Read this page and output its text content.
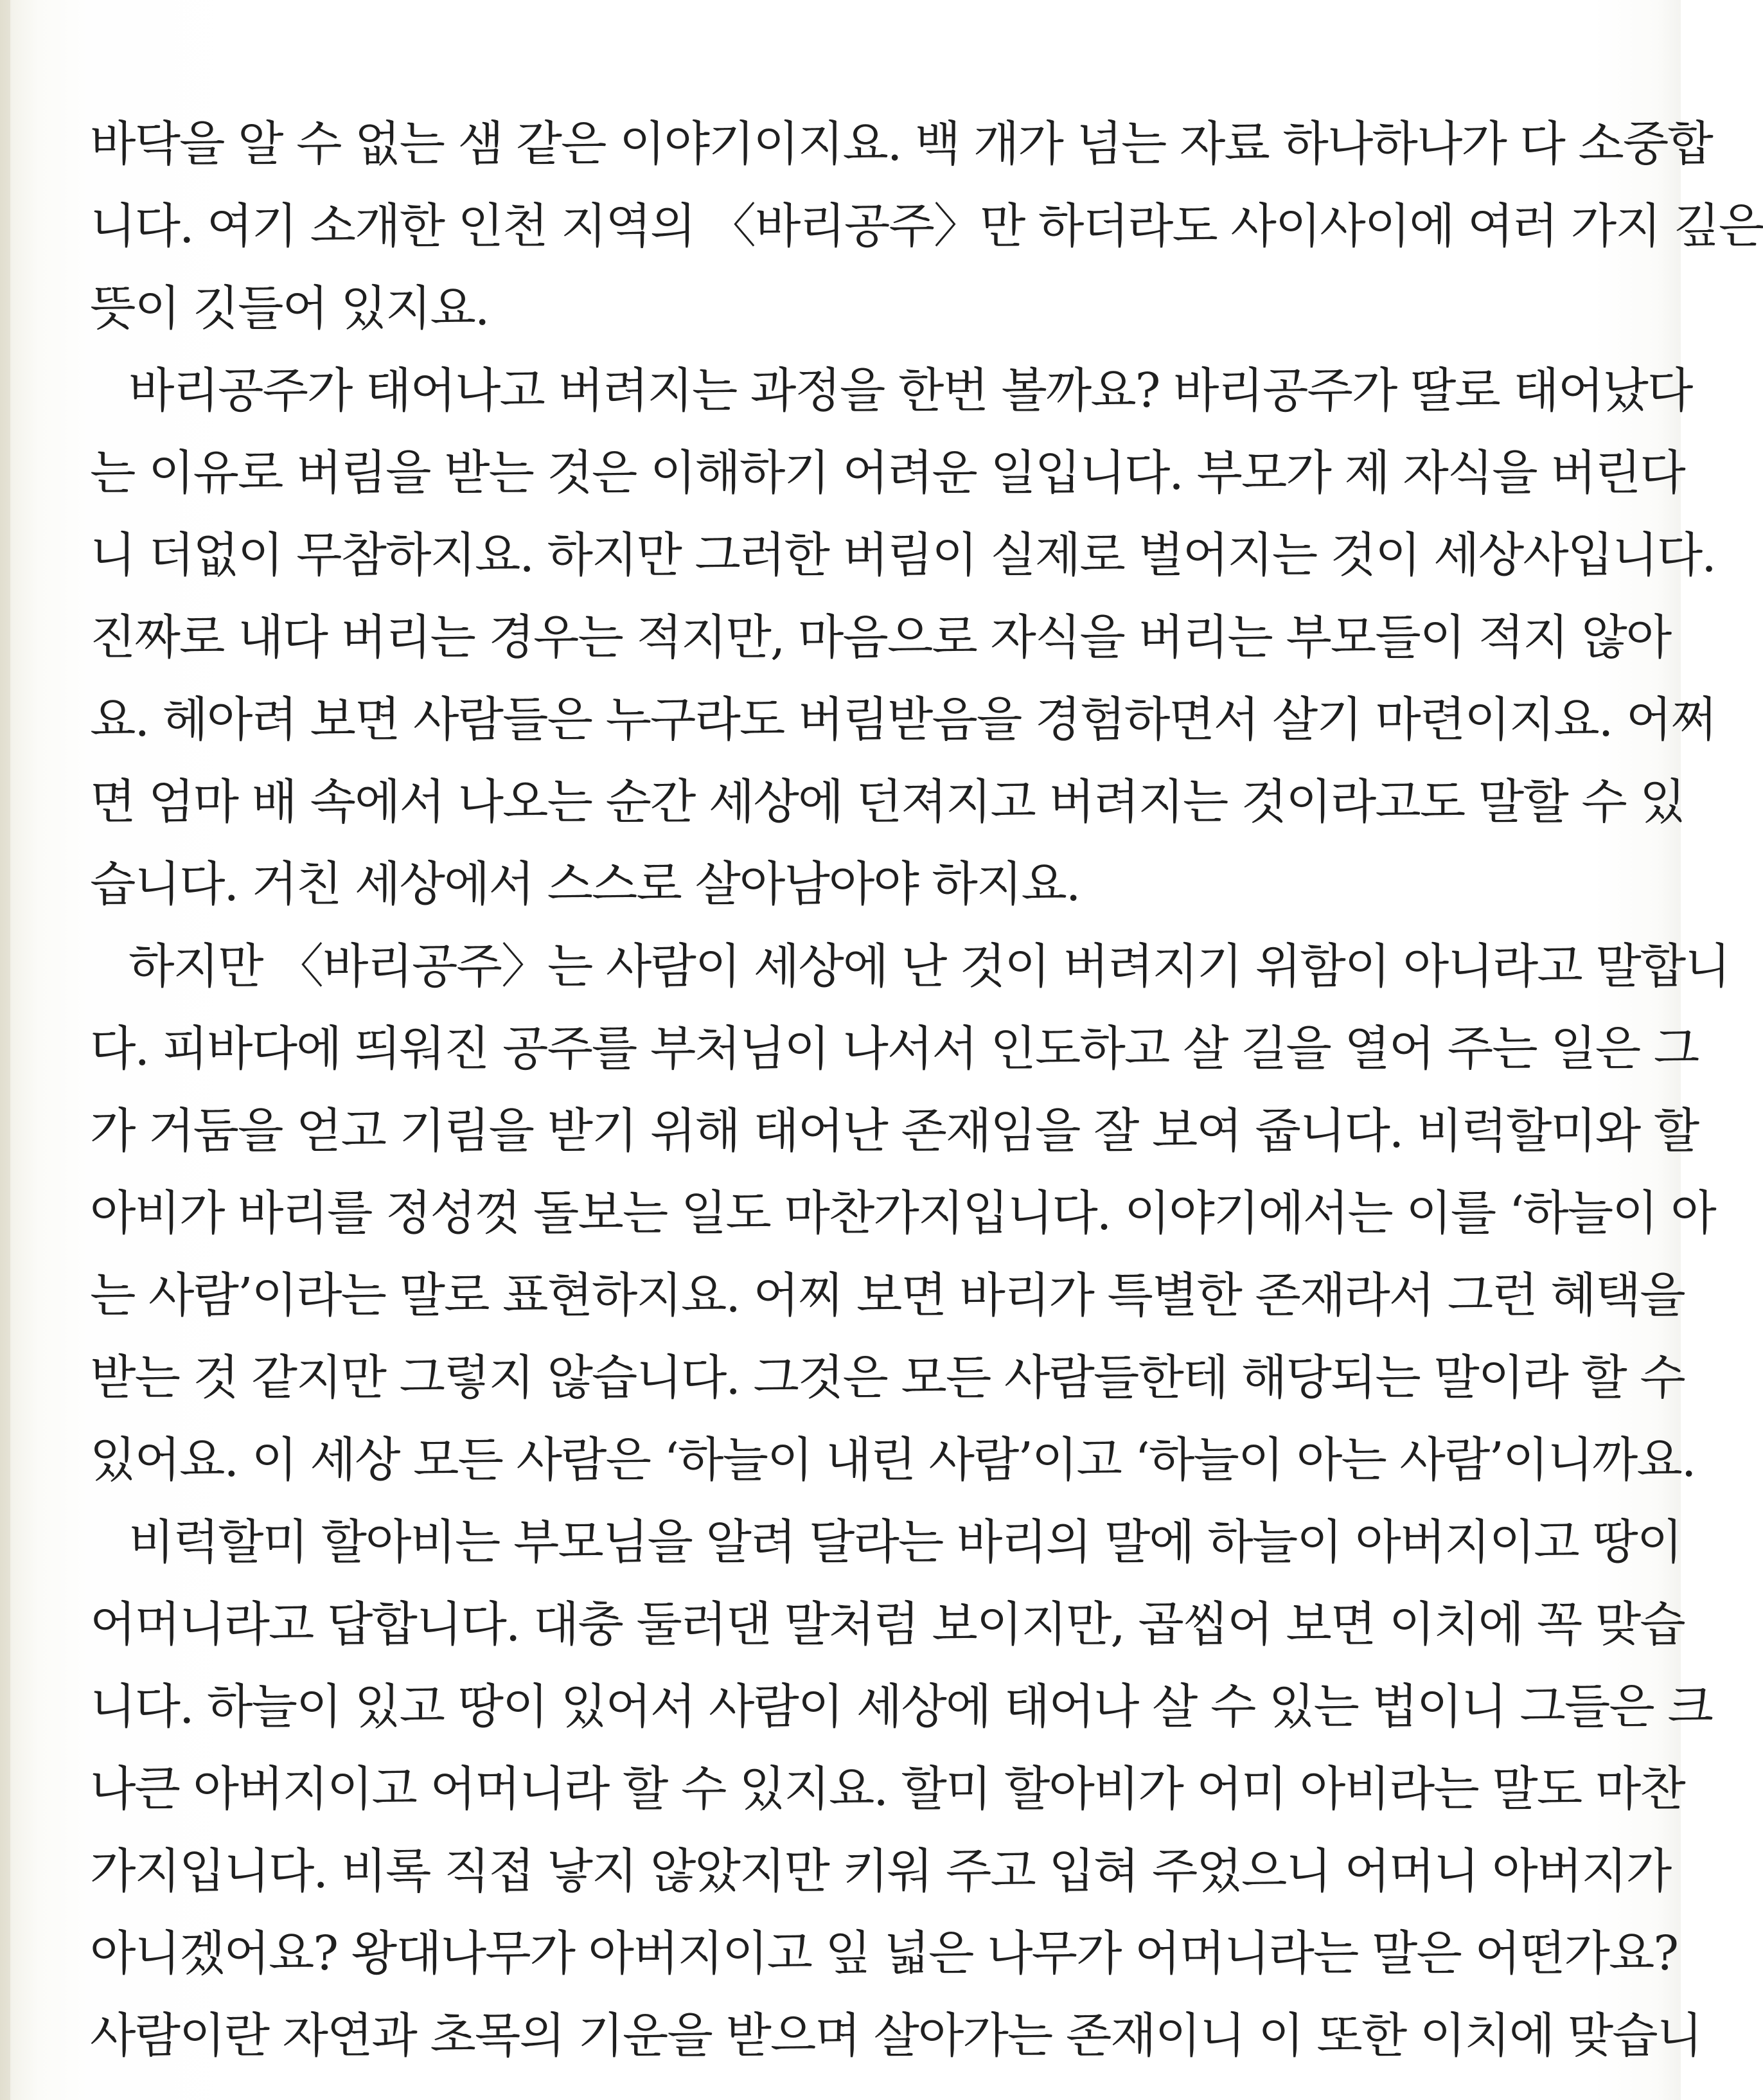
바닥을 알 수 없는 샘 같은 이야기이지요. 백 개가 넘는 자료 하나하나가 다 소중합
니다. 여기 소개한 인천 지역의 〈바리공주〉만 하더라도 사이사이에 여러 가지 깊은
뜻이 깃들어 있지요.
바리공주가 태어나고 버려지는 과정을 한번 볼까요? 바리공주가 딸로 태어났다
는 이유로 버림을 받는 것은 이해하기 어려운 일입니다. 부모가 제 자식을 버린다
니 더없이 무참하지요. 하지만 그러한 버림이 실제로 벌어지는 것이 세상사입니다.
진짜로 내다 버리는 경우는 적지만, 마음으로 자식을 버리는 부모들이 적지 않아
요. 헤아려 보면 사람들은 누구라도 버림받음을 경험하면서 살기 마련이지요. 어쩌
면 엄마 배 속에서 나오는 순간 세상에 던져지고 버려지는 것이라고도 말할 수 있
습니다. 거친 세상에서 스스로 살아남아야 하지요.
하지만 〈바리공주〉는 사람이 세상에 난 것이 버려지기 위함이 아니라고 말합니
다. 피바다에 띄워진 공주를 부처님이 나서서 인도하고 살 길을 열어 주는 일은 그
가 거둠을 얻고 기림을 받기 위해 태어난 존재임을 잘 보여 줍니다. 비럭할미와 할
아비가 바리를 정성껏 돌보는 일도 마찬가지입니다. 이야기에서는 이를 ‘하늘이 아
는 사람’이라는 말로 표현하지요. 어찌 보면 바리가 특별한 존재라서 그런 혜택을
받는 것 같지만 그렇지 않습니다. 그것은 모든 사람들한테 해당되는 말이라 할 수
있어요. 이 세상 모든 사람은 ‘하늘이 내린 사람’이고 ‘하늘이 아는 사람’이니까요.
비럭할미 할아비는 부모님을 알려 달라는 바리의 말에 하늘이 아버지이고 땅이
어머니라고 답합니다. 대충 둘러댄 말처럼 보이지만, 곱씹어 보면 이치에 꼭 맞습
니다. 하늘이 있고 땅이 있어서 사람이 세상에 태어나 살 수 있는 법이니 그들은 크
나큰 아버지이고 어머니라 할 수 있지요. 할미 할아비가 어미 아비라는 말도 마찬
가지입니다. 비록 직접 낳지 않았지만 키워 주고 입혀 주었으니 어머니 아버지가
아니겠어요? 왕대나무가 아버지이고 잎 넓은 나무가 어머니라는 말은 어떤가요?
사람이란 자연과 초목의 기운을 받으며 살아가는 존재이니 이 또한 이치에 맞습니
